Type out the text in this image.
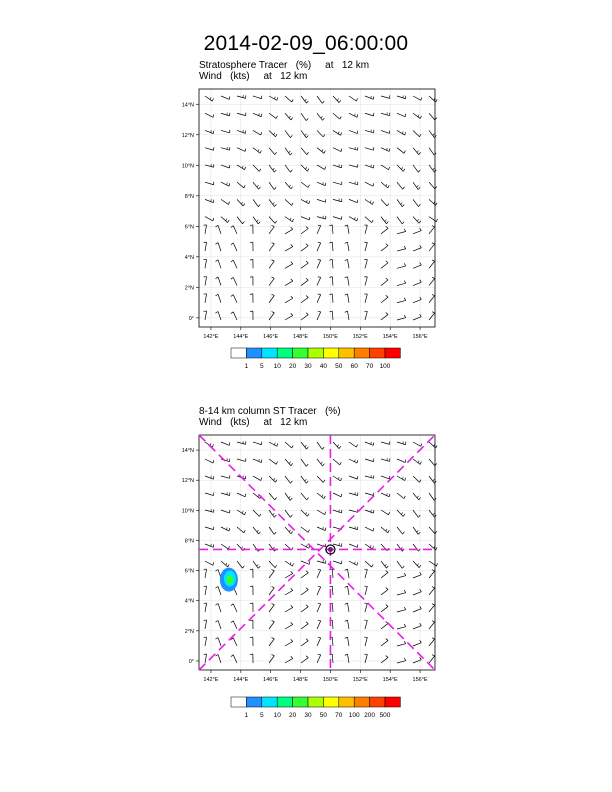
2014-02-09_06:00:00
Stratosphere Tracer   (%)     at   12 km
Wind   (kts)     at   12 km
8-14 km column ST Tracer   (%)
Wind   (kts)     at   12 km
142°E	144°E	146°E	148°E	150°E	152°E	154°E	156°E
0°
2°N
4°N
6°N
8°N
10°N
12°N
14°N
1 5 10 20 30 40 50 60 70 100
142°E	144°E	146°E	148°E	150°E	152°E	154°E	156°E
0°
2°N
4°N
6°N
8°N
10°N
12°N
14°N
1 5 10 20 30 50 70 100 200 500
